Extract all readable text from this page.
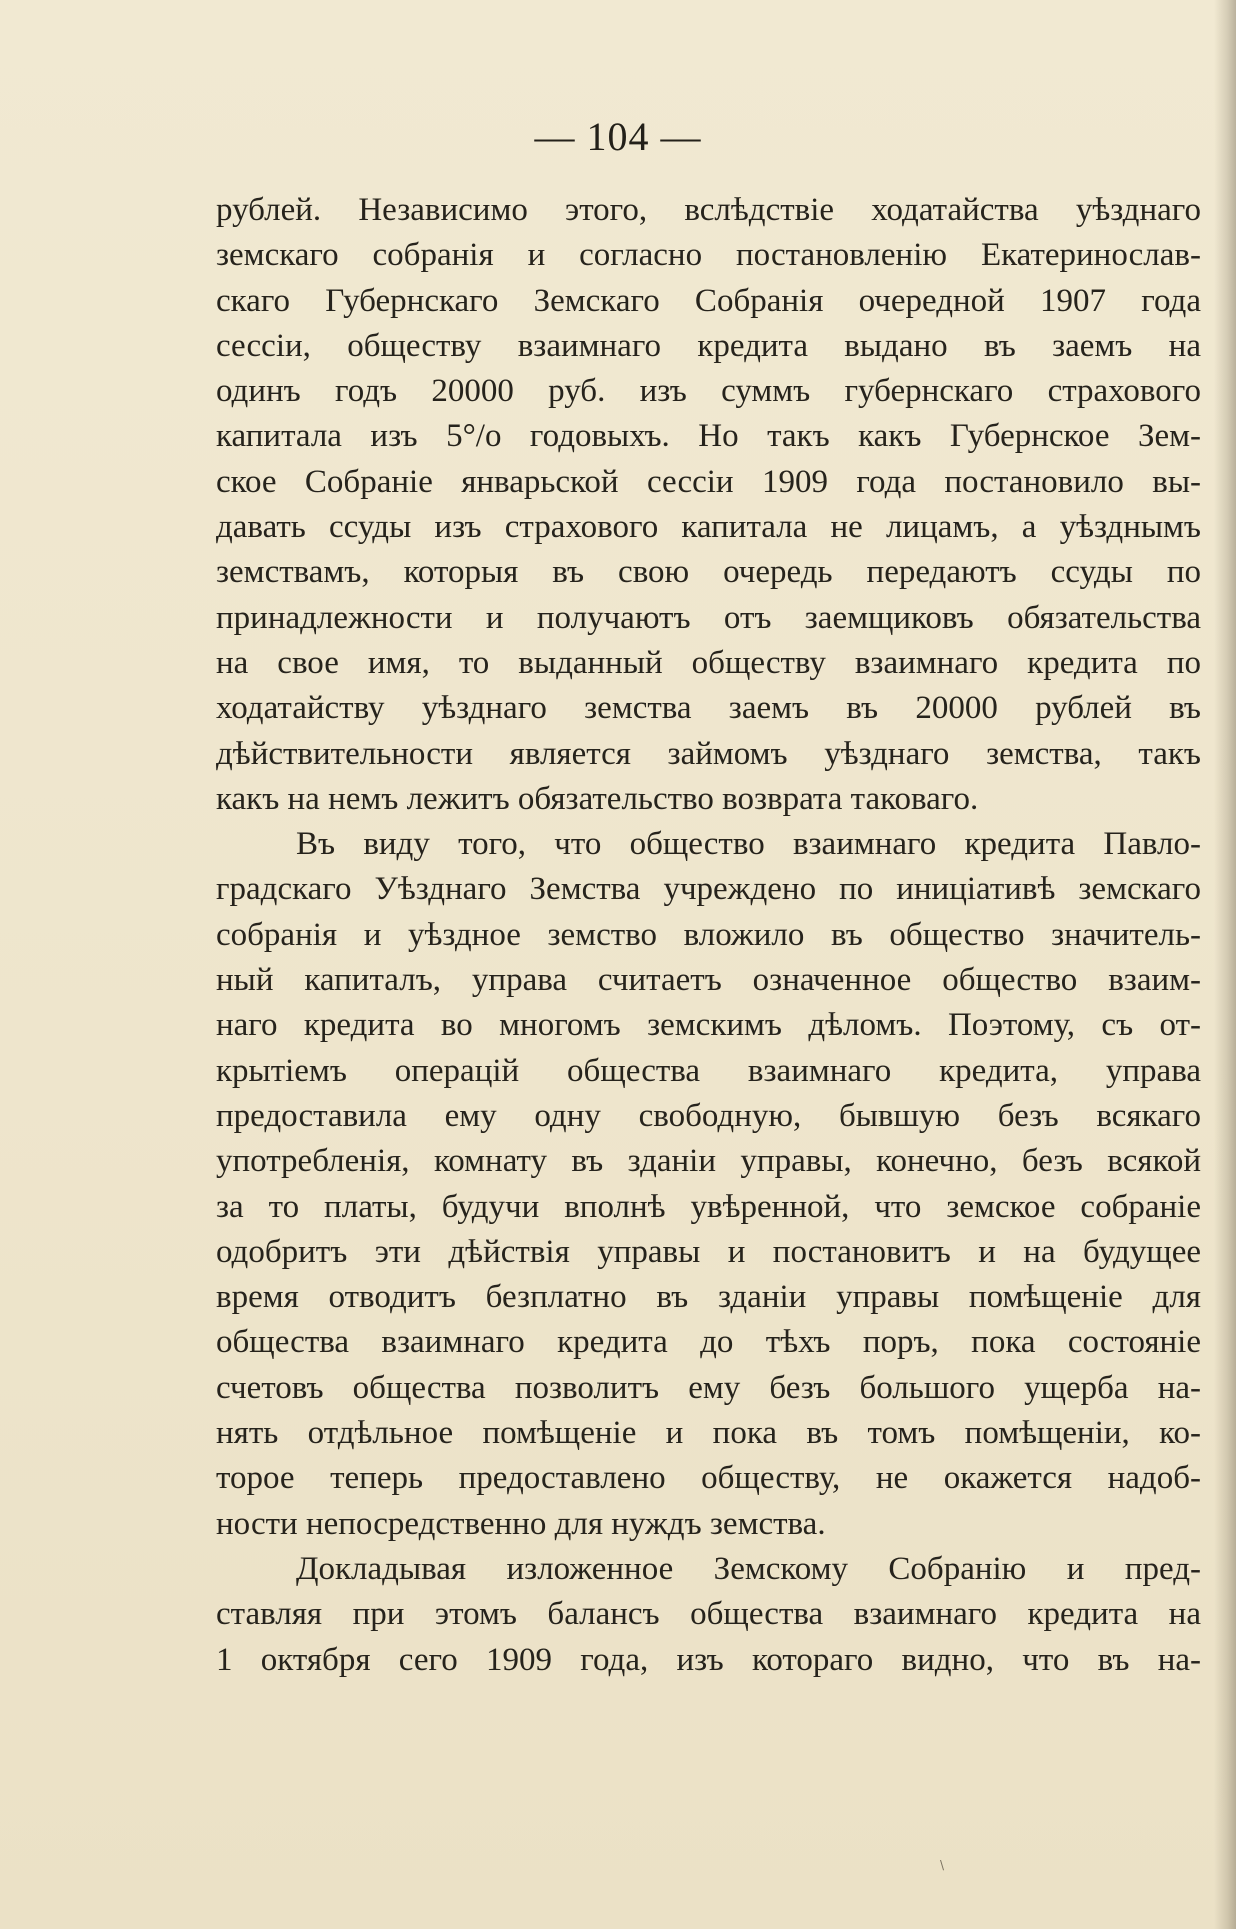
— 104 —
рублей. Независимо этого, вслѣдствіе ходатайства уѣзднаго
земскаго собранія и согласно постановленію Екатеринослав-
скаго Губернскаго Земскаго Собранія очередной 1907 года
сессіи, обществу взаимнаго кредита выдано въ заемъ на
одинъ годъ 20000 руб. изъ суммъ губернскаго страхового
капитала изъ 5°/о годовыхъ. Но такъ какъ Губернское Зем-
ское Собраніе январьской сессіи 1909 года постановило вы-
давать ссуды изъ страхового капитала не лицамъ, а уѣзднымъ
земствамъ, которыя въ свою очередь передаютъ ссуды по
принадлежности и получаютъ отъ заемщиковъ обязательства
на свое имя, то выданный обществу взаимнаго кредита по
ходатайству уѣзднаго земства заемъ въ 20000 рублей въ
дѣйствительности является займомъ уѣзднаго земства, такъ
какъ на немъ лежитъ обязательство возврата таковаго.
Въ виду того, что общество взаимнаго кредита Павло-
градскаго Уѣзднаго Земства учреждено по иниціативѣ земскаго
собранія и уѣздное земство вложило въ общество значитель-
ный капиталъ, управа считаетъ означенное общество взаим-
наго кредита во многомъ земскимъ дѣломъ. Поэтому, съ от-
крытіемъ операцій общества взаимнаго кредита, управа
предоставила ему одну свободную, бывшую безъ всякаго
употребленія, комнату въ зданіи управы, конечно, безъ всякой
за то платы, будучи вполнѣ увѣренной, что земское собраніе
одобритъ эти дѣйствія управы и постановитъ и на будущее
время отводитъ безплатно въ зданіи управы помѣщеніе для
общества взаимнаго кредита до тѣхъ поръ, пока состояніе
счетовъ общества позволитъ ему безъ большого ущерба на-
нять отдѣльное помѣщеніе и пока въ томъ помѣщеніи, ко-
торое теперь предоставлено обществу, не окажется надоб-
ности непосредственно для нуждъ земства.
Докладывая изложенное Земскому Собранію и пред-
ставляя при этомъ балансъ общества взаимнаго кредита на
1 октября сего 1909 года, изъ котораго видно, что въ на-
\
